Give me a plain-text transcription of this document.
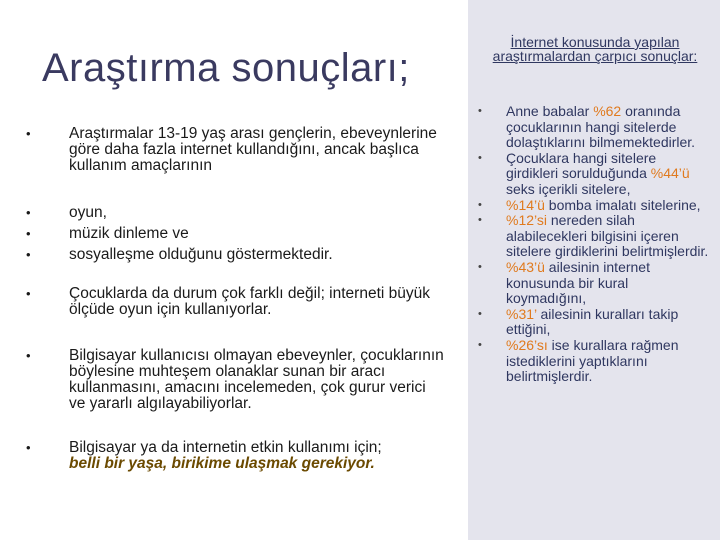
Araştırma sonuçları;
• Araştırmalar 13-19 yaş arası gençlerin, ebeveynlerine göre daha fazla internet kullandığını, ancak başlıca kullanım amaçlarının
• oyun,
• müzik dinleme ve
• sosyalleşme olduğunu göstermektedir.
• Çocuklarda da durum çok farklı değil; interneti büyük ölçüde oyun için kullanıyorlar.
• Bilgisayar kullanıcısı olmayan ebeveynler, çocuklarının böylesine muhteşem olanaklar sunan bir aracı kullanmasını, amacını incelemeden, çok gurur verici ve yararlı algılayabiliyorlar.
• Bilgisayar ya da internetin etkin kullanımı için;
belli bir yaşa, birikime ulaşmak gerekiyor.
İnternet konusunda yapılan araştırmalardan çarpıcı sonuçlar:
• Anne babalar %62 oranında çocuklarının hangi sitelerde dolaştıklarını bilmemektedirler.
• Çocuklara hangi sitelere girdikleri sorulduğunda %44’ü seks içerikli sitelere,
• %14’ü bomba imalatı sitelerine,
• %12’si nereden silah alabilecekleri bilgisini içeren sitelere girdiklerini belirtmişlerdir.
• %43’ü ailesinin internet konusunda bir kural koymadığını,
• %31’ ailesinin kuralları takip ettiğini,
• %26’sı ise kurallara rağmen istediklerini yaptıklarını belirtmişlerdir.
